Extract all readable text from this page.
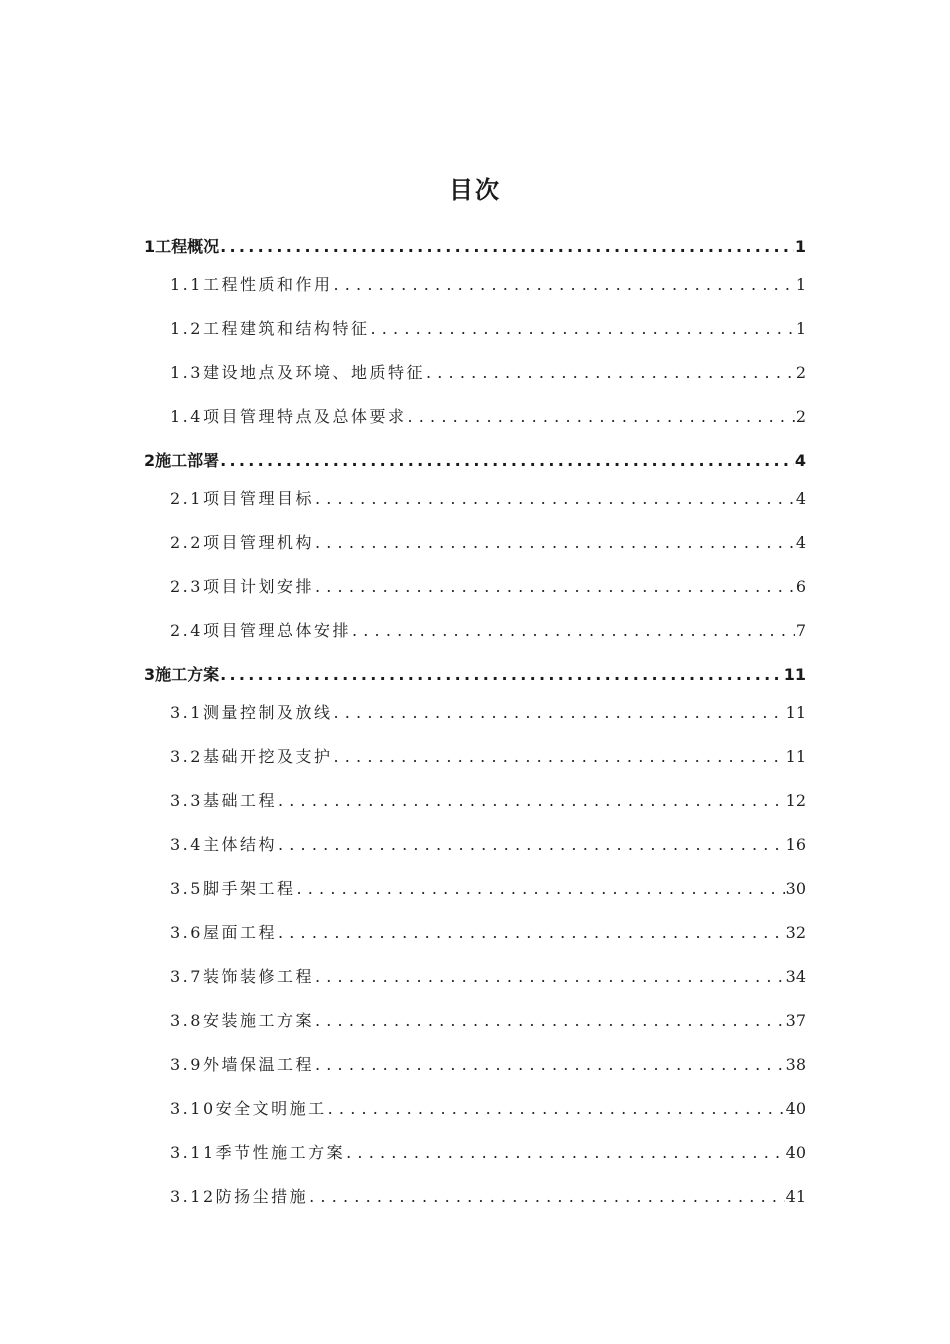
目次
1 工程概况 .....	1
1.1 工程性质和作用 .....	1
1.2 工程建筑和结构特征 .....	1
1.3 建设地点及环境、地质特征 .....	2
1.4 项目管理特点及总体要求 .....	2
2 施工部署 .....	4
2.1 项目管理目标 .....	4
2.2 项目管理机构 .....	4
2.3 项目计划安排 .....	6
2.4 项目管理总体安排 .....	7
3 施工方案 .....	11
3.1 测量控制及放线 .....	11
3.2 基础开挖及支护 .....	11
3.3 基础工程 .....	12
3.4 主体结构 .....	16
3.5 脚手架工程 .....	30
3.6 屋面工程 .....	32
3.7 装饰装修工程 .....	34
3.8 安装施工方案 .....	37
3.9 外墙保温工程 .....	38
3.10 安全文明施工 .....	40
3.11 季节性施工方案 .....	40
3.12 防扬尘措施 .....	41
